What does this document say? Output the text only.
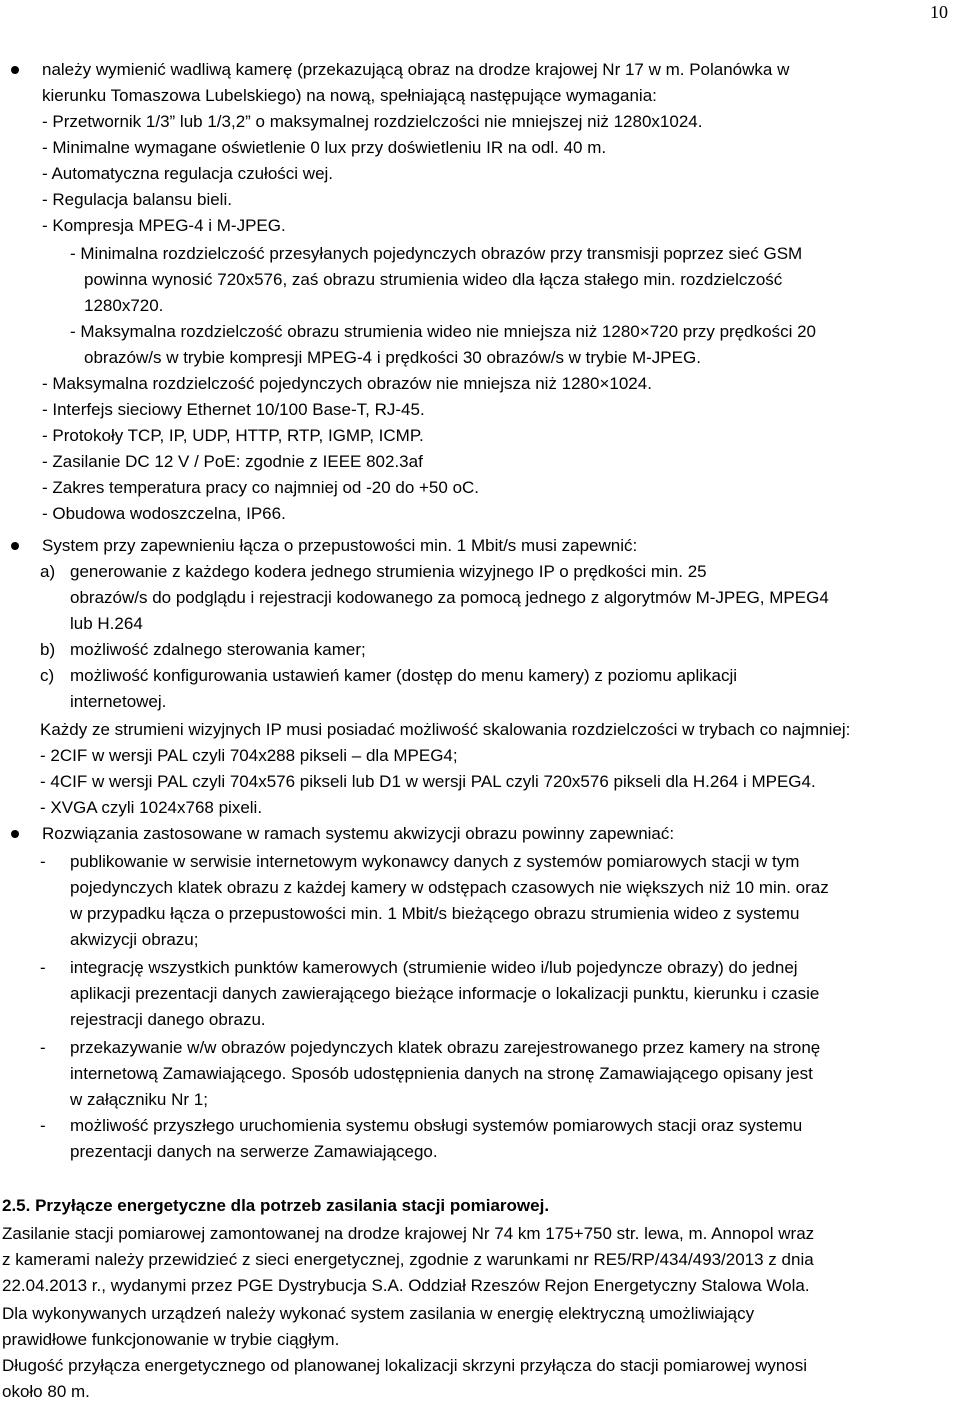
10
należy wymienić wadliwą kamerę (przekazującą obraz na drodze krajowej Nr 17 w m. Polanówka w
kierunku Tomaszowa Lubelskiego) na nową, spełniającą następujące wymagania:
- Przetwornik 1/3” lub 1/3,2” o maksymalnej rozdzielczości nie mniejszej niż 1280x1024.
- Minimalne wymagane oświetlenie 0 lux przy doświetleniu IR na odl. 40 m.
- Automatyczna regulacja czułości wej.
- Regulacja balansu bieli.
- Kompresja MPEG-4 i M-JPEG.
- Minimalna rozdzielczość przesyłanych pojedynczych obrazów przy transmisji poprzez sieć GSM
powinna wynosić 720x576, zaś obrazu strumienia wideo dla łącza stałego min. rozdzielczość
1280x720.
- Maksymalna rozdzielczość obrazu strumienia wideo nie mniejsza niż 1280×720 przy prędkości 20
obrazów/s w trybie kompresji MPEG-4 i prędkości 30 obrazów/s w trybie M-JPEG.
- Maksymalna rozdzielczość pojedynczych obrazów nie mniejsza niż 1280×1024.
- Interfejs sieciowy Ethernet 10/100 Base-T, RJ-45.
- Protokoły TCP, IP, UDP, HTTP, RTP, IGMP, ICMP.
- Zasilanie DC 12 V / PoE: zgodnie z IEEE 802.3af
- Zakres temperatura pracy co najmniej od -20 do +50 oC.
- Obudowa wodoszczelna, IP66.
System przy zapewnieniu łącza o przepustowości min. 1 Mbit/s musi zapewnić:
a) generowanie z każdego kodera jednego strumienia wizyjnego IP o prędkości min. 25
obrazów/s do podglądu i rejestracji kodowanego za pomocą jednego z algorytmów M-JPEG, MPEG4
lub H.264
b) możliwość zdalnego sterowania kamer;
c) możliwość konfigurowania ustawień kamer (dostęp do menu kamery) z poziomu aplikacji
internetowej.
Każdy ze strumieni wizyjnych IP musi posiadać możliwość skalowania rozdzielczości w trybach co najmniej:
- 2CIF w wersji PAL czyli 704x288 pikseli – dla MPEG4;
- 4CIF w wersji PAL czyli 704x576 pikseli lub D1 w wersji PAL czyli 720x576 pikseli dla H.264 i MPEG4.
- XVGA czyli 1024x768 pixeli.
Rozwiązania zastosowane w ramach systemu akwizycji obrazu powinny zapewniać:
- publikowanie w serwisie internetowym wykonawcy danych z systemów pomiarowych stacji w tym
pojedynczych klatek obrazu z każdej kamery w odstępach czasowych nie większych niż 10 min. oraz
w przypadku łącza o przepustowości min. 1 Mbit/s bieżącego obrazu strumienia wideo z systemu
akwizycji obrazu;
- integrację wszystkich punktów kamerowych (strumienie wideo i/lub pojedyncze obrazy) do jednej
aplikacji prezentacji danych zawierającego bieżące informacje o lokalizacji punktu, kierunku i czasie
rejestracji danego obrazu.
- przekazywanie w/w obrazów pojedynczych klatek obrazu zarejestrowanego przez kamery na stronę
internetową Zamawiającego. Sposób udostępnienia danych na stronę Zamawiającego opisany jest
w załączniku Nr 1;
- możliwość przyszłego uruchomienia systemu obsługi systemów pomiarowych stacji oraz systemu
prezentacji danych na serwerze Zamawiającego.
2.5. Przyłącze energetyczne dla potrzeb zasilania stacji pomiarowej.
Zasilanie stacji pomiarowej zamontowanej na drodze krajowej Nr 74 km 175+750 str. lewa, m. Annopol wraz
z kamerami należy przewidzieć z sieci energetycznej, zgodnie z warunkami nr RE5/RP/434/493/2013 z dnia
22.04.2013 r., wydanymi przez PGE Dystrybucja S.A. Oddział Rzeszów Rejon Energetyczny Stalowa Wola.
Dla wykonywanych urządzeń należy wykonać system zasilania w energię elektryczną umożliwiający
prawidłowe funkcjonowanie w trybie ciągłym.
Długość przyłącza energetycznego od planowanej lokalizacji skrzyni przyłącza do stacji pomiarowej wynosi
około 80 m.
